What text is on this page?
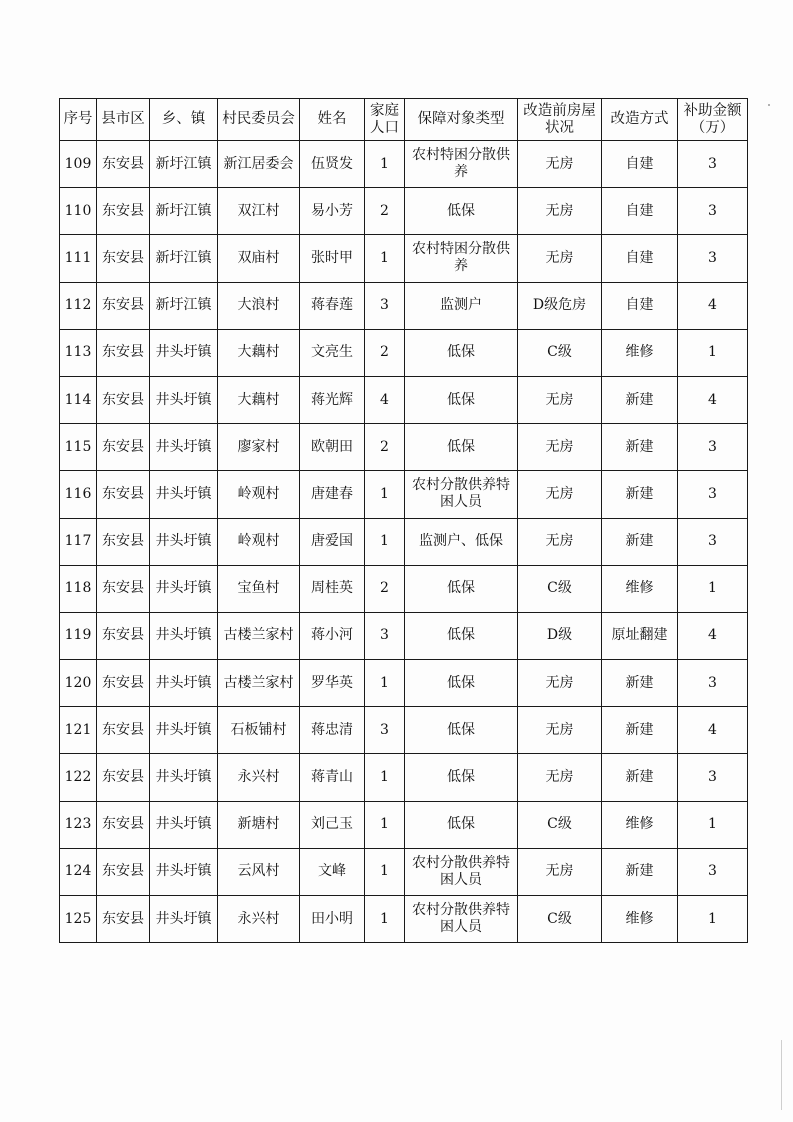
序号	县市区	乡、镇	村民委员会	姓名	家庭人口	保障对象类型	改造前房屋状况	改造方式	补助金额（万）
109	东安县	新圩江镇	新江居委会	伍贤发	1	农村特困分散供养	无房	自建	3
110	东安县	新圩江镇	双江村	易小芳	2	低保	无房	自建	3
111	东安县	新圩江镇	双庙村	张时甲	1	农村特困分散供养	无房	自建	3
112	东安县	新圩江镇	大浪村	蒋春莲	3	监测户	D级危房	自建	4
113	东安县	井头圩镇	大藕村	文亮生	2	低保	C级	维修	1
114	东安县	井头圩镇	大藕村	蒋光辉	4	低保	无房	新建	4
115	东安县	井头圩镇	廖家村	欧朝田	2	低保	无房	新建	3
116	东安县	井头圩镇	岭观村	唐建春	1	农村分散供养特困人员	无房	新建	3
117	东安县	井头圩镇	岭观村	唐爱国	1	监测户、低保	无房	新建	3
118	东安县	井头圩镇	宝鱼村	周桂英	2	低保	C级	维修	1
119	东安县	井头圩镇	古楼兰家村	蒋小河	3	低保	D级	原址翻建	4
120	东安县	井头圩镇	古楼兰家村	罗华英	1	低保	无房	新建	3
121	东安县	井头圩镇	石板铺村	蒋忠清	3	低保	无房	新建	4
122	东安县	井头圩镇	永兴村	蒋青山	1	低保	无房	新建	3
123	东安县	井头圩镇	新塘村	刘己玉	1	低保	C级	维修	1
124	东安县	井头圩镇	云风村	文峰	1	农村分散供养特困人员	无房	新建	3
125	东安县	井头圩镇	永兴村	田小明	1	农村分散供养特困人员	C级	维修	1
